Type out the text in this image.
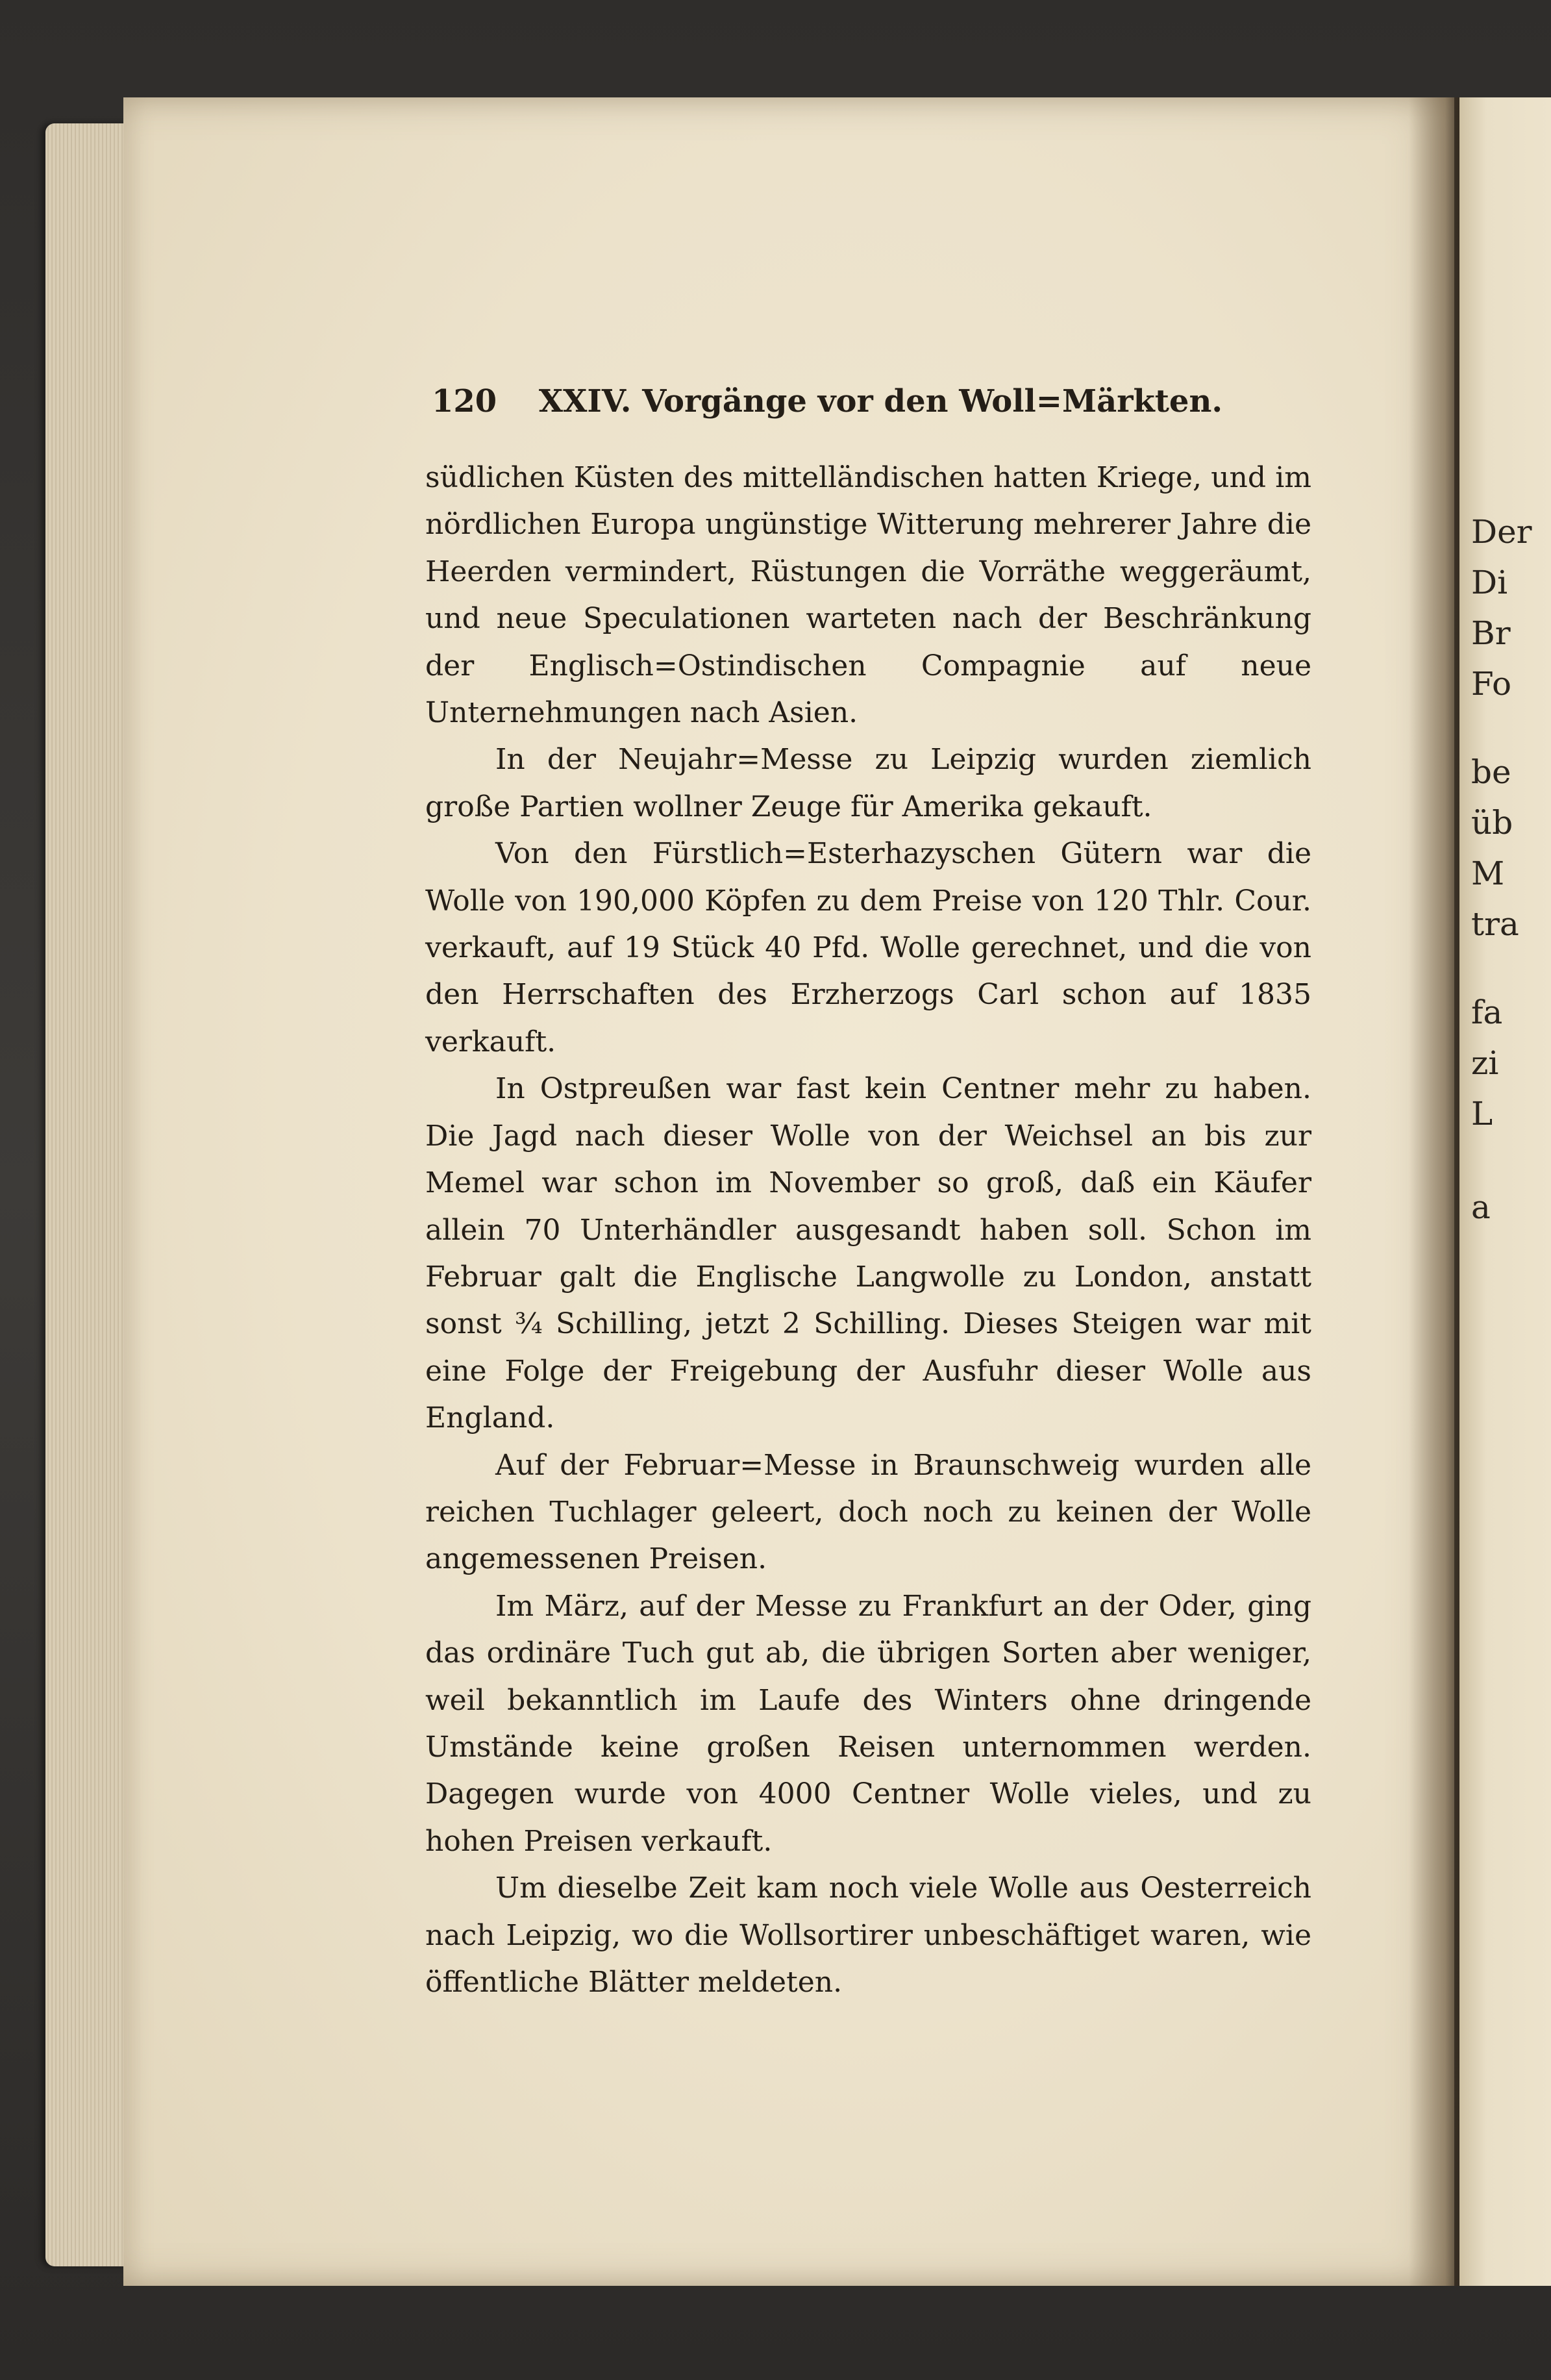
Der
Di
Br
Fo
be
üb
M
tra
fa
zi
L
a
120 XXIV. Vorgänge vor den Woll=Märkten.

südlichen Küsten des mittelländischen hatten Kriege, und im nördlichen Europa ungünstige Witterung mehrerer Jahre die Heerden vermindert, Rüstungen die Vorräthe weggeräumt, und neue Speculationen warteten nach der Beschränkung der Englisch=Ostindischen Compagnie auf neue Unternehmungen nach Asien.

In der Neujahr=Messe zu Leipzig wurden ziemlich große Partien wollner Zeuge für Amerika gekauft.

Von den Fürstlich=Esterhazyschen Gütern war die Wolle von 190,000 Köpfen zu dem Preise von 120 Thlr. Cour. verkauft, auf 19 Stück 40 Pfd. Wolle gerechnet, und die von den Herrschaften des Erzherzogs Carl schon auf 1835 verkauft.

In Ostpreußen war fast kein Centner mehr zu haben. Die Jagd nach dieser Wolle von der Weichsel an bis zur Memel war schon im November so groß, daß ein Käufer allein 70 Unterhändler ausgesandt haben soll. Schon im Februar galt die Englische Langwolle zu London, anstatt sonst ¾ Schilling, jetzt 2 Schilling. Dieses Steigen war mit eine Folge der Freigebung der Ausfuhr dieser Wolle aus England.

Auf der Februar=Messe in Braunschweig wurden alle reichen Tuchlager geleert, doch noch zu keinen der Wolle angemessenen Preisen.

Im März, auf der Messe zu Frankfurt an der Oder, ging das ordinäre Tuch gut ab, die übrigen Sorten aber weniger, weil bekanntlich im Laufe des Winters ohne dringende Umstände keine großen Reisen unternommen werden. Dagegen wurde von 4000 Centner Wolle vieles, und zu hohen Preisen verkauft.

Um dieselbe Zeit kam noch viele Wolle aus Oesterreich nach Leipzig, wo die Wollsortirer unbeschäftiget waren, wie öffentliche Blätter meldeten.
